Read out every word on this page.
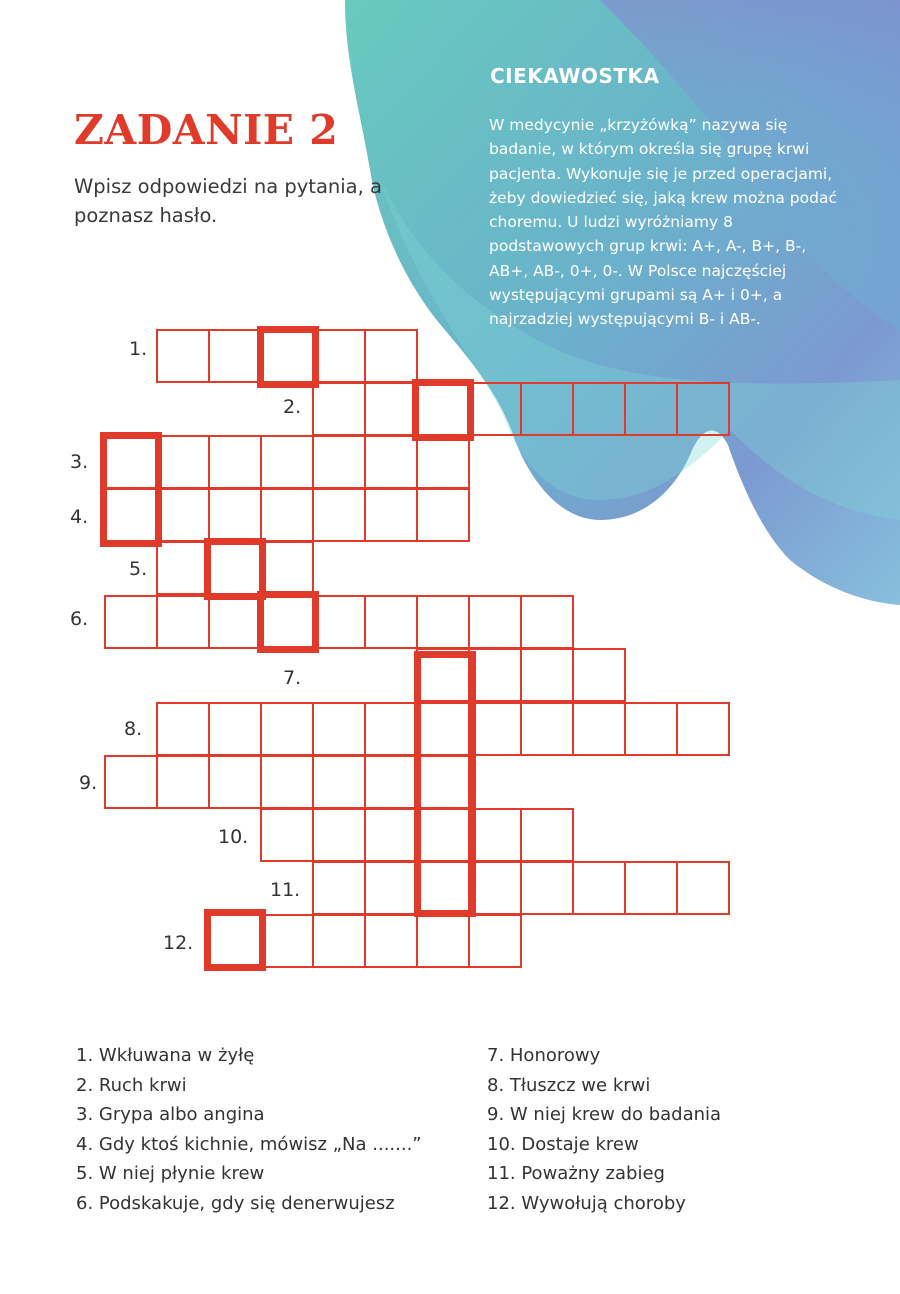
CIEKAWOSTKA

W medycynie „krzyżówką” nazywa się badanie, w którym określa się grupę krwi pacjenta. Wykonuje się je przed operacjami, żeby dowiedzieć się, jaką krew można podać choremu. U ludzi wyróżniamy 8 podstawowych grup krwi: A+, A-, B+, B-, AB+, AB-, 0+, 0-. W Polsce najczęściej występującymi grupami są A+ i 0+, a najrzadziej występującymi B- i AB-.

ZADANIE 2

Wpisz odpowiedzi na pytania, a poznasz hasło.

1.
2.
3.
4.
5.
6.
7.
8.
9.
10.
11.
12.
1. Wkłuwana w żyłę
2. Ruch krwi
3. Grypa albo angina
4. Gdy ktoś kichnie, mówisz „Na .......”
5. W niej płynie krew
6. Podskakuje, gdy się denerwujesz
7. Honorowy
8. Tłuszcz we krwi
9. W niej krew do badania
10. Dostaje krew
11. Poważny zabieg
12. Wywołują choroby
